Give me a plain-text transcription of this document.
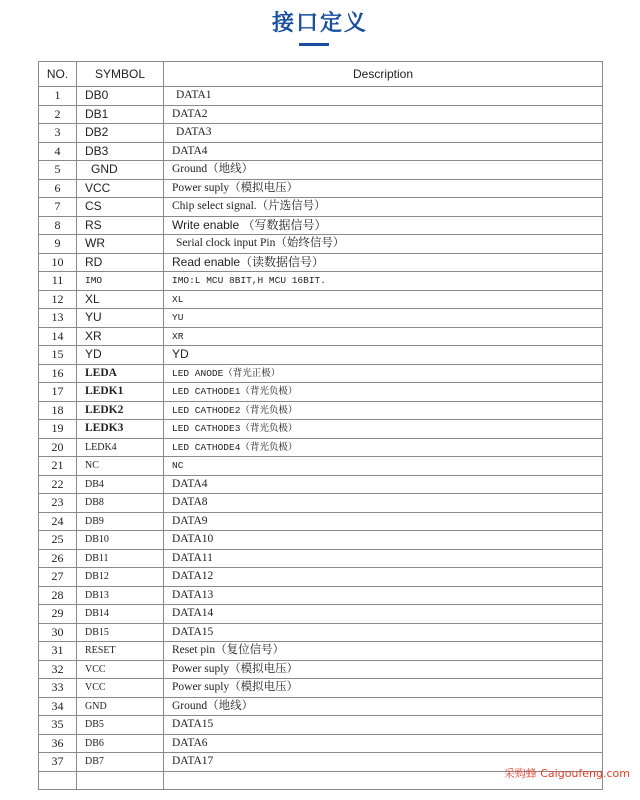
接口定义
NO.	SYMBOL	Description
1	DB0	DATA1
2	DB1	DATA2
3	DB2	DATA3
4	DB3	DATA4
5	GND	Ground（地线）
6	VCC	Power suply（模拟电压）
7	CS	Chip select signal.（片选信号）
8	RS	Write enable （写数据信号）
9	WR	Serial clock input Pin（始终信号）
10	RD	Read enable（读数据信号）
11	IMO	IMO:L MCU 8BIT,H MCU 16BIT.
12	XL	XL
13	YU	YU
14	XR	XR
15	YD	YD
16	LEDA	LED ANODE（背光正极）
17	LEDK1	LED CATHODE1（背光负极）
18	LEDK2	LED CATHODE2（背光负极）
19	LEDK3	LED CATHODE3（背光负极）
20	LEDK4	LED CATHODE4（背光负极）
21	NC	NC
22	DB4	DATA4
23	DB8	DATA8
24	DB9	DATA9
25	DB10	DATA10
26	DB11	DATA11
27	DB12	DATA12
28	DB13	DATA13
29	DB14	DATA14
30	DB15	DATA15
31	RESET	Reset pin（复位信号）
32	VCC	Power suply（模拟电压）
33	VCC	Power suply（模拟电压）
34	GND	Ground（地线）
35	DB5	DATA15
36	DB6	DATA6
37	DB7	DATA17

采购蜂 Caigoufeng.com
